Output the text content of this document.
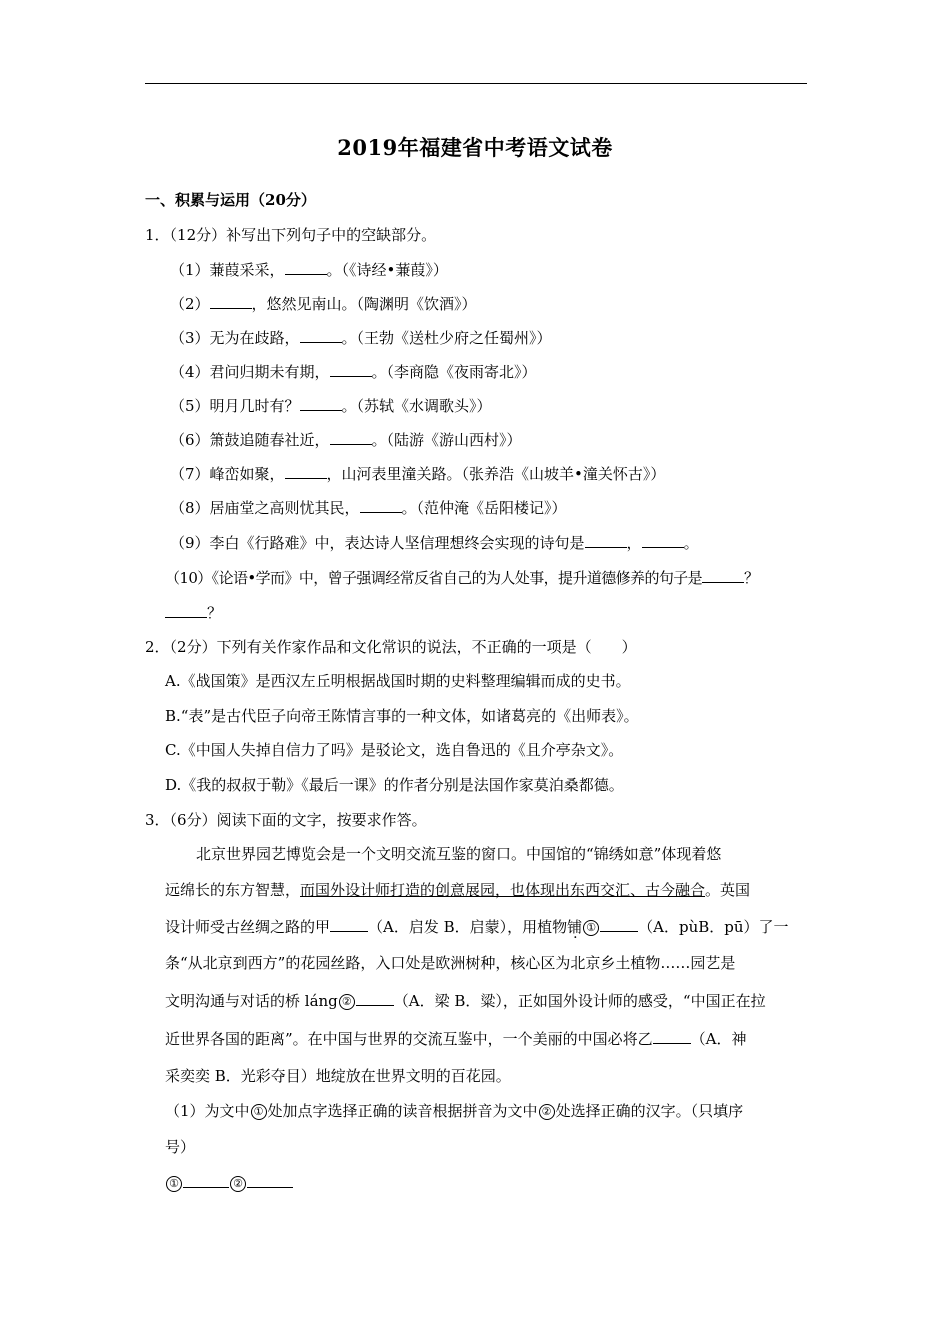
2019年福建省中考语文试卷
一、积累与运用（20分）
1．（12分）补写出下列句子中的空缺部分。
（1）蒹葭采采，	。（《诗经•蒹葭》）
（2）	，悠然见南山。（陶渊明《饮酒》）
（3）无为在歧路，	。（王勃《送杜少府之任蜀州》）
（4）君问归期未有期，	。（李商隐《夜雨寄北》）
（5）明月几时有？	。（苏轼《水调歌头》）
（6）箫鼓追随春社近，	。（陆游《游山西村》）
（7）峰峦如聚，	，山河表里潼关路。（张养浩《山坡羊•潼关怀古》）
（8）居庙堂之高则忧其民，	。（范仲淹《岳阳楼记》）
（9）李白《行路难》中，表达诗人坚信理想终会实现的诗句是	，	。
（10）《论语•学而》中，曾子强调经常反省自己的为人处事，提升道德修养的句子是	？
？
2．（2分）下列有关作家作品和文化常识的说法，不正确的一项是（　　）
A.《战国策》是西汉左丘明根据战国时期的史料整理编辑而成的史书。
B.“表”是古代臣子向帝王陈情言事的一种文体，如诸葛亮的《出师表》。
C.《中国人失掉自信力了吗》是驳论文，选自鲁迅的《且介亭杂文》。
D.《我的叔叔于勒》《最后一课》的作者分别是法国作家莫泊桑都德。
3．（6分）阅读下面的文字，按要求作答。
北京世界园艺博览会是一个文明交流互鉴的窗口。中国馆的“锦绣如意”体现着悠
远绵长的东方智慧，而国外设计师打造的创意展园，也体现出东西交汇、古今融合。英国
设计师受古丝绸之路的甲	（A．启发 B．启蒙），用植物铺 ①	（A．pùB．pū）了一
条“从北京到西方”的花园丝路，入口处是欧洲树种，核心区为北京乡土植物……园艺是
文明沟通与对话的桥 láng ②	（A．梁 B．粱），正如国外设计师的感受，“中国正在拉
近世界各国的距离”。在中国与世界的交流互鉴中，一个美丽的中国必将乙	（A．神
采奕奕 B．光彩夺目）地绽放在世界文明的百花园。
（1）为文中 ① 处加点字选择正确的读音根据拼音为文中 ② 处选择正确的汉字。（只填序
号）
①	②
